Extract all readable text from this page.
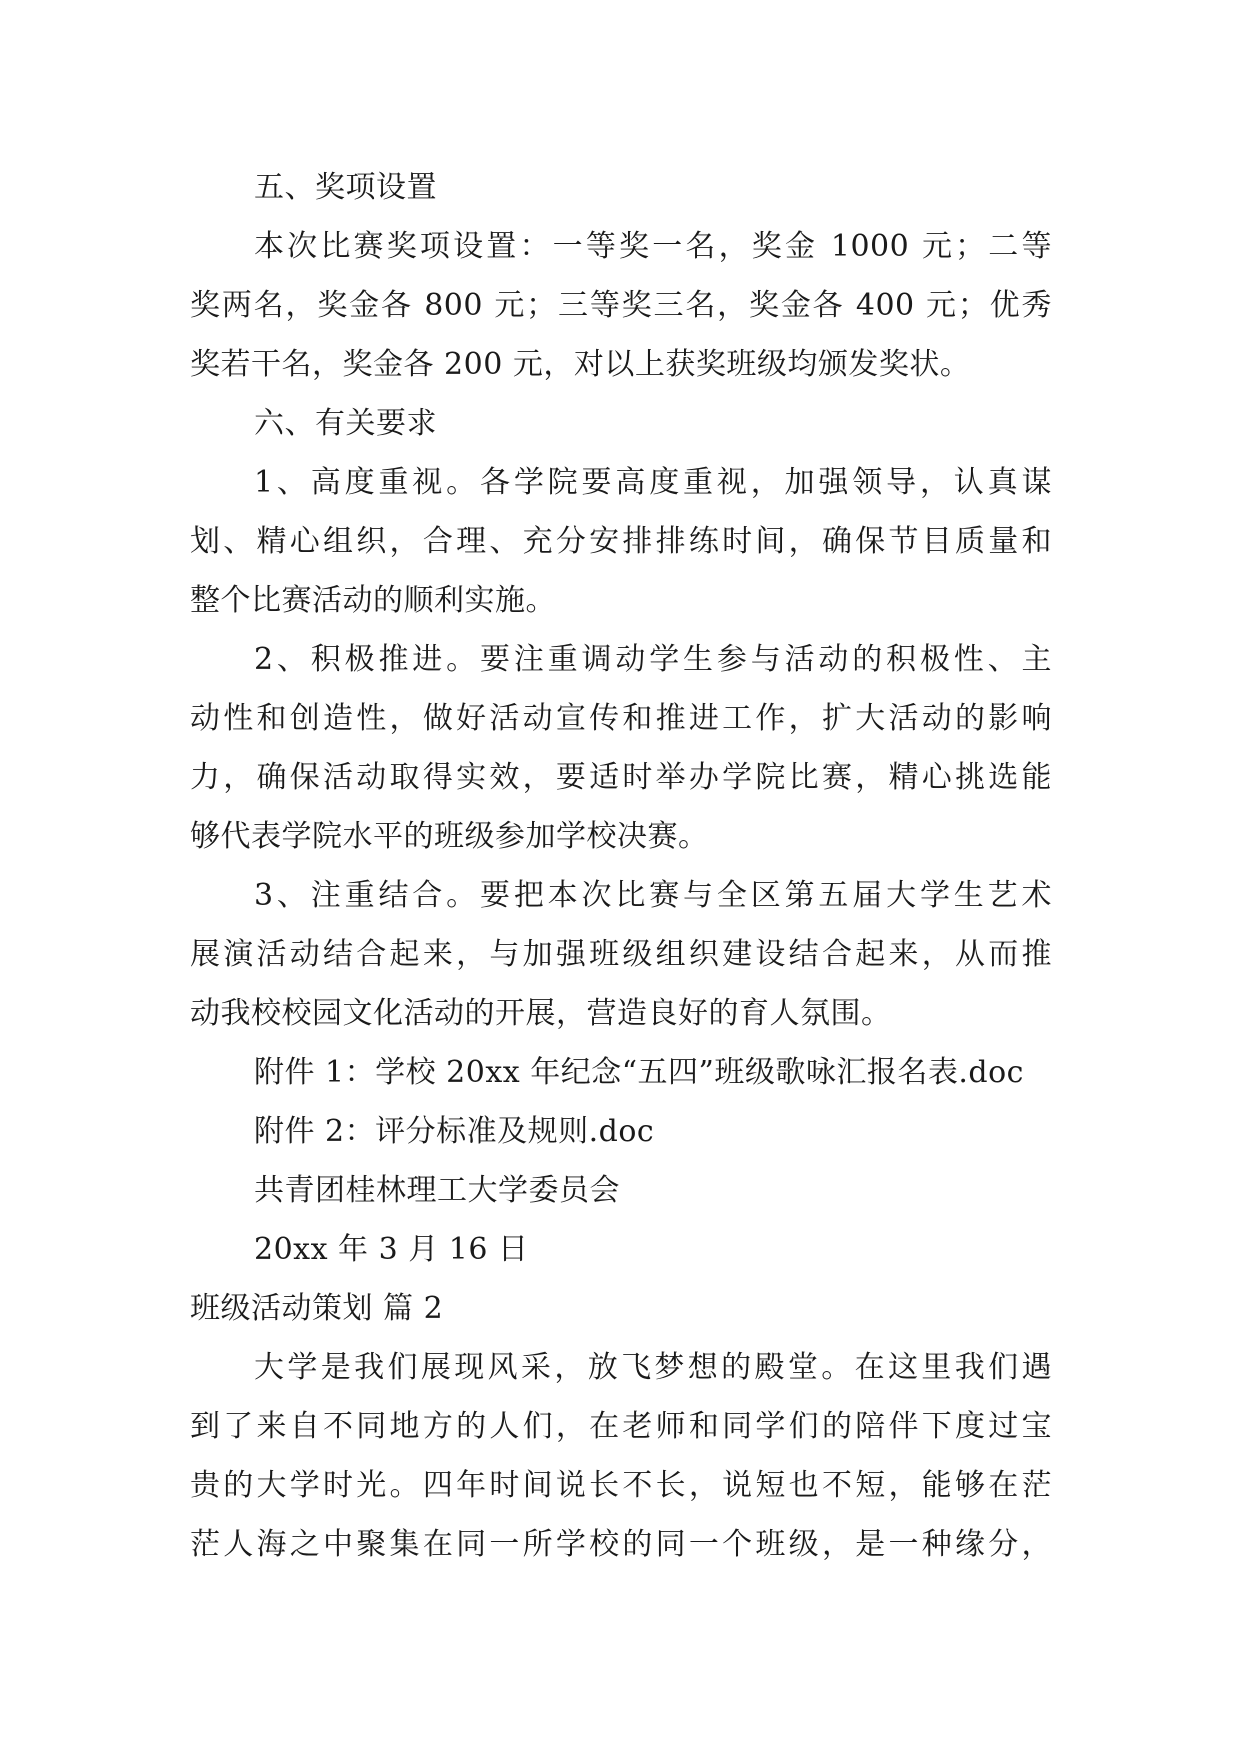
五、奖项设置
本次比赛奖项设置：一等奖一名，奖金 1000 元；二等
奖两名，奖金各 800 元；三等奖三名，奖金各 400 元；优秀
奖若干名，奖金各 200 元，对以上获奖班级均颁发奖状。
六、有关要求
1、高度重视。各学院要高度重视，加强领导，认真谋
划、精心组织，合理、充分安排排练时间，确保节目质量和
整个比赛活动的顺利实施。
2、积极推进。要注重调动学生参与活动的积极性、主
动性和创造性，做好活动宣传和推进工作，扩大活动的影响
力，确保活动取得实效，要适时举办学院比赛，精心挑选能
够代表学院水平的班级参加学校决赛。
3、注重结合。要把本次比赛与全区第五届大学生艺术
展演活动结合起来，与加强班级组织建设结合起来，从而推
动我校校园文化活动的开展，营造良好的育人氛围。
附件 1：学校 20xx 年纪念“五四”班级歌咏汇报名表.doc
附件 2：评分标准及规则.doc
共青团桂林理工大学委员会
20xx 年 3 月 16 日
班级活动策划 篇 2
大学是我们展现风采，放飞梦想的殿堂。在这里我们遇
到了来自不同地方的人们，在老师和同学们的陪伴下度过宝
贵的大学时光。四年时间说长不长，说短也不短，能够在茫
茫人海之中聚集在同一所学校的同一个班级，是一种缘分，
